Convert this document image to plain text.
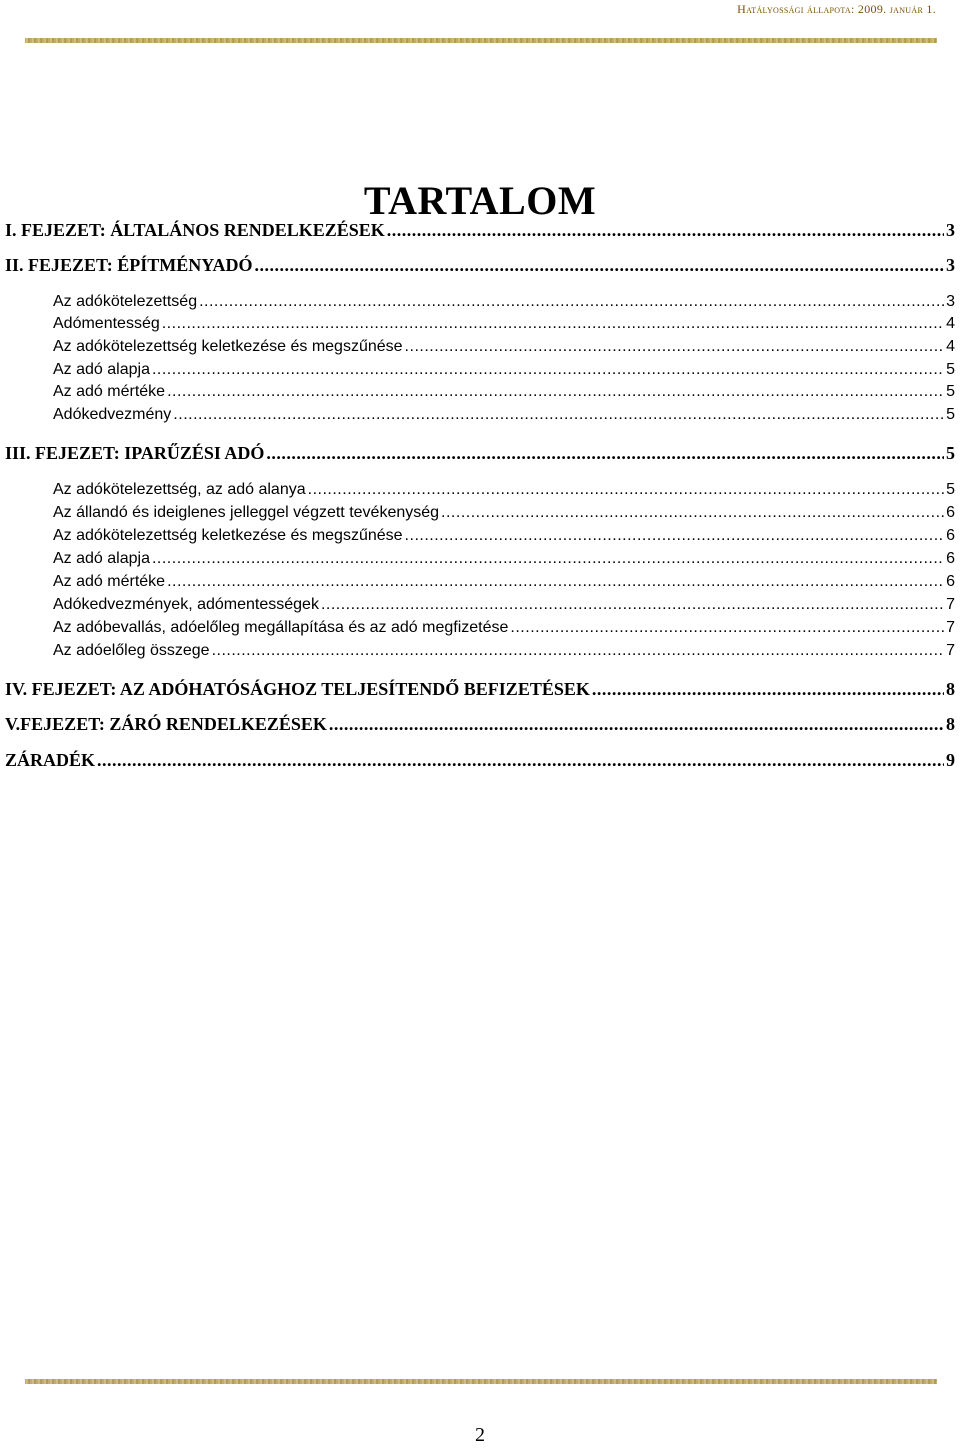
Hatályossági állapota: 2009. január 1.
TARTALOM
I. FEJEZET: ÁLTALÁNOS RENDELKEZÉSEK .....	3
II. FEJEZET: ÉPÍTMÉNYADÓ .....	3
Az adókötelezettség .....	3
Adómentesség .....	4
Az adókötelezettség keletkezése és megszűnése .....	4
Az adó alapja .....	5
Az adó mértéke .....	5
Adókedvezmény .....	5
III. FEJEZET: IPARŰZÉSI ADÓ .....	5
Az adókötelezettség, az adó alanya .....	5
Az állandó és ideiglenes jelleggel végzett tevékenység .....	6
Az adókötelezettség keletkezése és megszűnése .....	6
Az adó alapja .....	6
Az adó mértéke .....	6
Adókedvezmények, adómentességek .....	7
Az adóbevallás, adóelőleg megállapítása és az adó megfizetése .....	7
Az adóelőleg összege .....	7
IV. FEJEZET: AZ ADÓHATÓSÁGHOZ TELJESÍTENDŐ BEFIZETÉSEK .....	8
V.FEJEZET: ZÁRÓ RENDELKEZÉSEK .....	8
ZÁRADÉK .....	9
2
